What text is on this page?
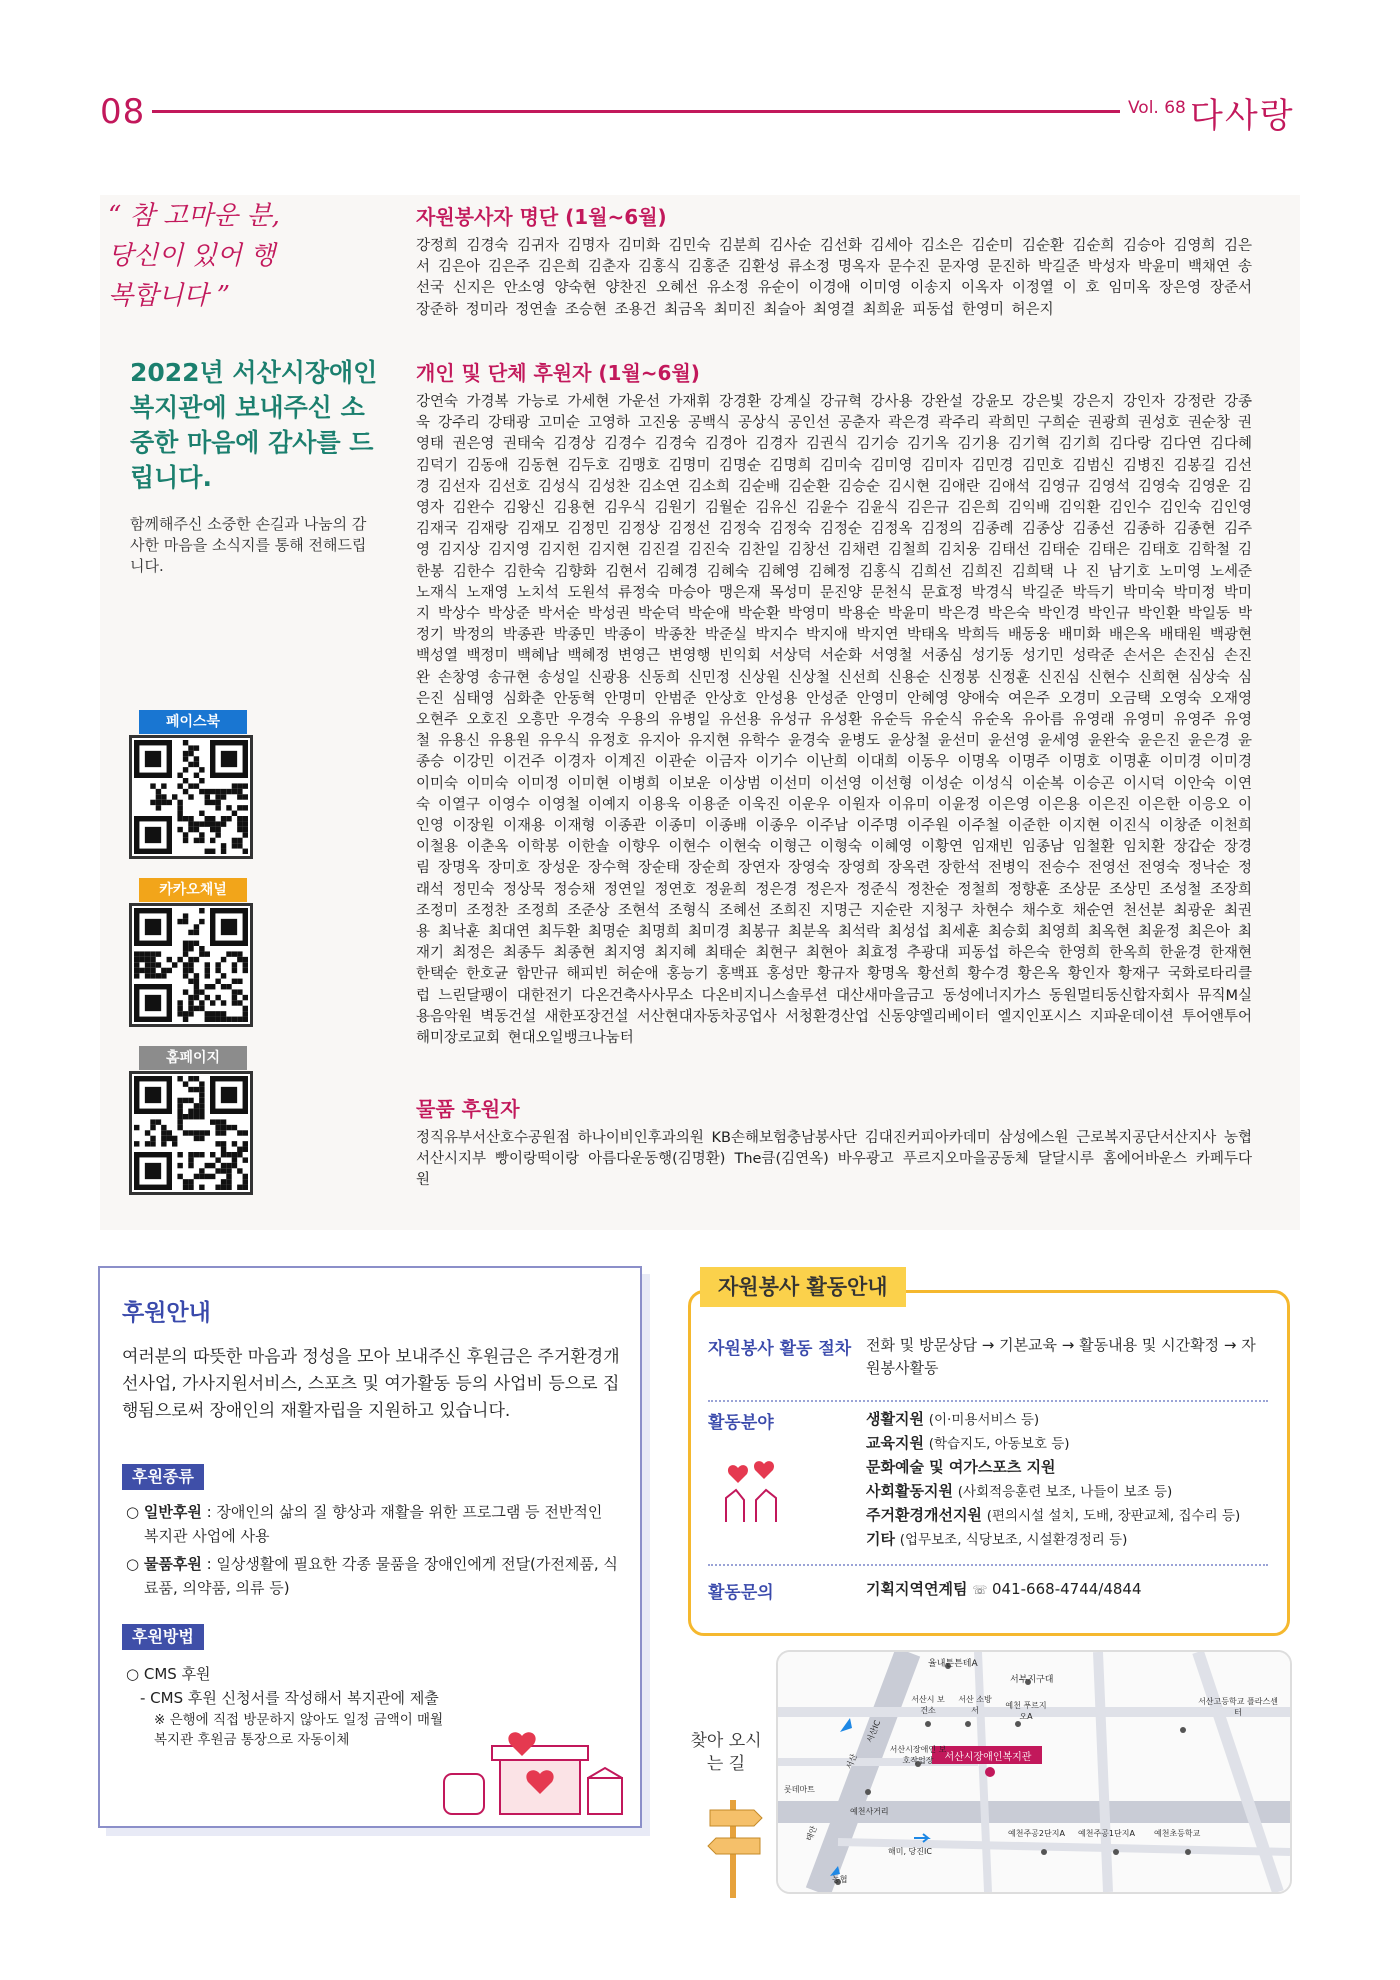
08	Vol. 68 다사랑
“ 참 고마운 분, 당신이 있어 행복합니다 ”
2022년 서산시장애인복지관에 보내주신 소중한 마음에 감사를 드립니다.
함께해주신 소중한 손길과 나눔의 감사한 마음을 소식지를 통해 전해드립니다.
페이스북
카카오채널
홈페이지
자원봉사자 명단 (1월~6월)

강정희 김경숙 김귀자 김명자 김미화 김민숙 김분희 김사순 김선화 김세아 김소은 김순미 김순환 김순희 김승아 김영희 김은서 김은아 김은주 김은희 김춘자 김홍식 김홍준 김환성 류소정 명옥자 문수진 문자영 문진하 박길준 박성자 박윤미 백채연 송선국 신지은 안소영 양숙현 양찬진 오혜선 유소정 유순이 이경애 이미영 이송지 이옥자 이정열 이 호 임미옥 장은영 장준서 장준하 정미라 정연솔 조승현 조용건 최금옥 최미진 최슬아 최영결 최희윤 피동섭 한영미 허은지

개인 및 단체 후원자 (1월~6월)

강연숙 가경복 가능로 가세현 가운선 가재휘 강경환 강계실 강규혁 강사용 강완설 강윤모 강은빛 강은지 강인자 강정란 강종욱 강주리 강태광 고미순 고영하 고진웅 공백식 공상식 공인선 공춘자 곽은경 곽주리 곽희민 구희순 권광희 권성호 권순창 권영태 권은영 권태숙 김경상 김경수 김경숙 김경아 김경자 김권식 김기승 김기옥 김기용 김기혁 김기희 김다랑 김다연 김다혜 김덕기 김동애 김동현 김두호 김맹호 김명미 김명순 김명희 김미숙 김미영 김미자 김민경 김민호 김범신 김병진 김봉길 김선경 김선자 김선호 김성식 김성찬 김소연 김소희 김순배 김순환 김승순 김시현 김애란 김애석 김영규 김영석 김영숙 김영운 김영자 김완수 김왕신 김용현 김우식 김원기 김월순 김유신 김윤수 김윤식 김은규 김은희 김익배 김익환 김인수 김인숙 김인영 김재국 김재랑 김재모 김정민 김정상 김정선 김정숙 김정숙 김정순 김정옥 김정의 김종례 김종상 김종선 김종하 김종현 김주영 김지상 김지영 김지헌 김지현 김진걸 김진숙 김찬일 김창선 김채련 김철희 김치웅 김태선 김태순 김태은 김태호 김학철 김한봉 김한수 김한숙 김향화 김현서 김혜경 김혜숙 김혜영 김혜정 김홍식 김희선 김희진 김희택 나 진 남기호 노미영 노세준 노재식 노재영 노치석 도원석 류정숙 마승아 맹은재 목성미 문진양 문천식 문효정 박경식 박길준 박득기 박미숙 박미정 박미지 박상수 박상준 박서순 박성권 박순덕 박순애 박순환 박영미 박용순 박윤미 박은경 박은숙 박인경 박인규 박인환 박일동 박정기 박정의 박종관 박종민 박종이 박종찬 박준실 박지수 박지애 박지연 박태옥 박희득 배동웅 배미화 배은옥 배태원 백광현 백성열 백정미 백혜남 백혜정 변영근 변영행 빈익회 서상덕 서순화 서영철 서종심 성기동 성기민 성락준 손서은 손진심 손진완 손창영 송규현 송성일 신광용 신동희 신민정 신상원 신상철 신선희 신용순 신정봉 신정훈 신진심 신현수 신희현 심상숙 심은진 심태영 심화춘 안동혁 안명미 안범준 안상호 안성용 안성준 안영미 안혜영 양애숙 여은주 오경미 오금택 오영숙 오재영 오현주 오호진 오흥만 우경숙 우용의 유병일 유선용 유성규 유성환 유순득 유순식 유순옥 유아름 유영래 유영미 유영주 유영철 유용신 유용원 유우식 유정호 유지아 유지현 유학수 윤경숙 윤병도 윤상철 윤선미 윤선영 윤세영 윤완숙 윤은진 윤은경 윤종승 이강민 이건주 이경자 이계진 이관순 이금자 이기수 이난희 이대희 이동우 이명옥 이명주 이명호 이명훈 이미경 이미경 이미숙 이미숙 이미정 이미현 이병희 이보운 이상범 이선미 이선영 이선형 이성순 이성식 이순복 이승곤 이시덕 이안숙 이연숙 이열구 이영수 이영철 이예지 이용욱 이용준 이욱진 이운우 이원자 이유미 이윤정 이은영 이은용 이은진 이은한 이응오 이인영 이장원 이재용 이재형 이종관 이종미 이종배 이종우 이주남 이주명 이주원 이주철 이준한 이지현 이진식 이창준 이천희 이철용 이춘옥 이학봉 이한솔 이향우 이현수 이현숙 이형근 이형숙 이혜영 이황연 임재빈 임종남 임철환 임치환 장갑순 장경림 장명옥 장미호 장성운 장수혁 장순태 장순희 장연자 장영숙 장영희 장옥련 장한석 전병익 전승수 전영선 전영숙 정낙순 정래석 정민숙 정상묵 정승채 정연일 정연호 정윤희 정은경 정은자 정준식 정찬순 정철희 정향훈 조상문 조상민 조성철 조장희 조정미 조정찬 조정희 조준상 조현석 조형식 조혜선 조희진 지명근 지순란 지청구 차현수 채수호 채순연 천선분 최광운 최권용 최낙훈 최대연 최두환 최명순 최명희 최미경 최봉규 최분옥 최석락 최성섭 최세훈 최승회 최영희 최옥현 최윤정 최은아 최재기 최정은 최종두 최종현 최지영 최지혜 최태순 최현구 최현아 최효정 추광대 피동섭 하은숙 한영희 한옥희 한윤경 한재현 한택순 한호균 함만규 해피빈 허순애 홍능기 홍백표 홍성만 황규자 황명옥 황선희 황수경 황은옥 황인자 황재구 국화로타리클럽 느린달팽이 대한전기 다온건축사사무소 다온비지니스솔루션 대산새마을금고 동성에너지가스 동원멀티동신합자회사 뮤직M실용음악원 벽동건설 새한포장건설 서산현대자동차공업사 서청환경산업 신동양엘리베이터 엘지인포시스 지파운데이션 투어앤투어 해미장로교회 현대오일뱅크나눔터

물품 후원자

정직유부서산호수공원점 하나이비인후과의원 KB손해보험충남봉사단 김대진커피아카데미 삼성에스원 근로복지공단서산지사 농협서산시지부 빵이랑떡이랑 아름다운동행(김명환) The큼(김연옥) 바우광고 푸르지오마을공동체 달달시루 홈에어바운스 카페두다원

후원안내
여러분의 따뜻한 마음과 정성을 모아 보내주신 후원금은 주거환경개선사업, 가사지원서비스, 스포츠 및 여가활동 등의 사업비 등으로 집행됨으로써 장애인의 재활자립을 지원하고 있습니다.
후원종류
○ 일반후원 : 장애인의 삶의 질 향상과 재활을 위한 프로그램 등 전반적인 복지관 사업에 사용
○ 물품후원 : 일상생활에 필요한 각종 물품을 장애인에게 전달(가전제품, 식료품, 의약품, 의류 등)
후원방법
○ CMS 후원
- CMS 후원 신청서를 작성해서 복지관에 제출
※ 은행에 직접 방문하지 않아도 일정 금액이 매월 복지관 후원금 통장으로 자동이체
자원봉사 활동안내
자원봉사 활동 절차 전화 및 방문상담 → 기본교육 → 활동내용 및 시간확정 → 자원봉사활동
활동분야	생활지원 (이·미용서비스 등)
교육지원 (학습지도, 아동보호 등)
문화예술 및 여가스포츠 지원
사회활동지원 (사회적응훈련 보조, 나들이 보조 등)
주거환경개선지원 (편의시설 설치, 도배, 장판교체, 집수리 등)
기타 (업무보조, 식당보조, 시설환경정리 등)
활동문의	기획지역연계팀 ☏ 041-668-4744/4844
찾아 오시는 길
율내튼튼테A
서부지구대
서산시 보건소
서산 소방서
예천 푸르지오A
서산시장애인 보호작업장	서산시장애인복지관
서산고등학교 플라스센터
롯데마트
예천사거리
해미, 당진IC
예천주공2단지A 예천주공1단지A 예천초등학교
서산IC
서산
태안
농협
